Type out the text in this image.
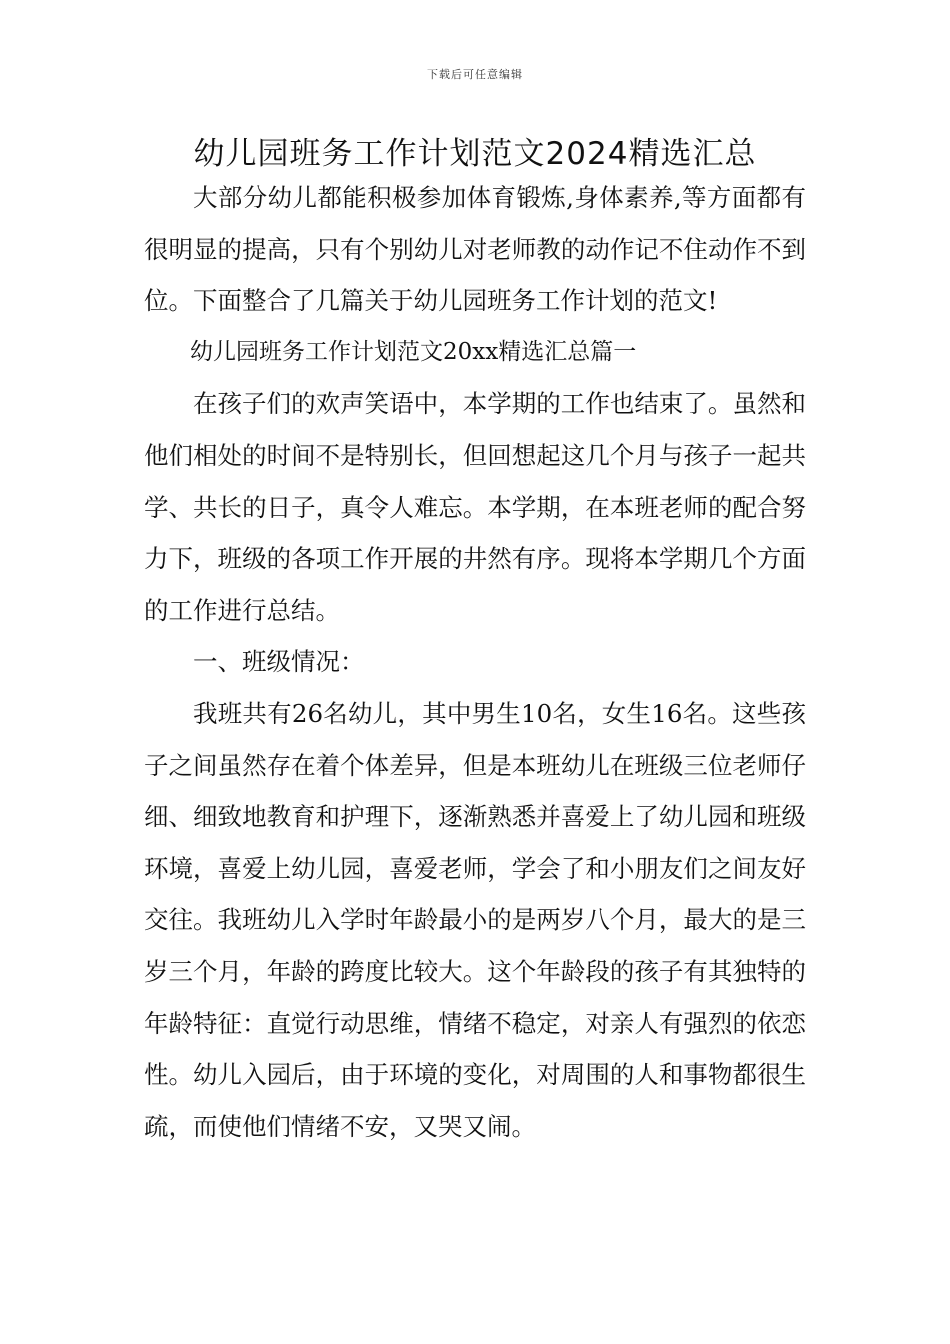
下载后可任意编辑
幼儿园班务工作计划范文2024精选汇总

大部分幼儿都能积极参加体育锻炼,身体素养,等方面都有很明显的提高，只有个别幼儿对老师教的动作记不住动作不到位。下面整合了几篇关于幼儿园班务工作计划的范文!

幼儿园班务工作计划范文20xx精选汇总篇一

在孩子们的欢声笑语中，本学期的工作也结束了。虽然和他们相处的时间不是特别长，但回想起这几个月与孩子一起共学、共长的日子，真令人难忘。本学期，在本班老师的配合努力下，班级的各项工作开展的井然有序。现将本学期几个方面的工作进行总结。

一、班级情况：

我班共有26名幼儿，其中男生10名，女生16名。这些孩子之间虽然存在着个体差异，但是本班幼儿在班级三位老师仔细、细致地教育和护理下，逐渐熟悉并喜爱上了幼儿园和班级环境，喜爱上幼儿园，喜爱老师，学会了和小朋友们之间友好交往。我班幼儿入学时年龄最小的是两岁八个月，最大的是三岁三个月，年龄的跨度比较大。这个年龄段的孩子有其独特的年龄特征：直觉行动思维，情绪不稳定，对亲人有强烈的依恋性。幼儿入园后，由于环境的变化，对周围的人和事物都很生疏，而使他们情绪不安，又哭又闹。
